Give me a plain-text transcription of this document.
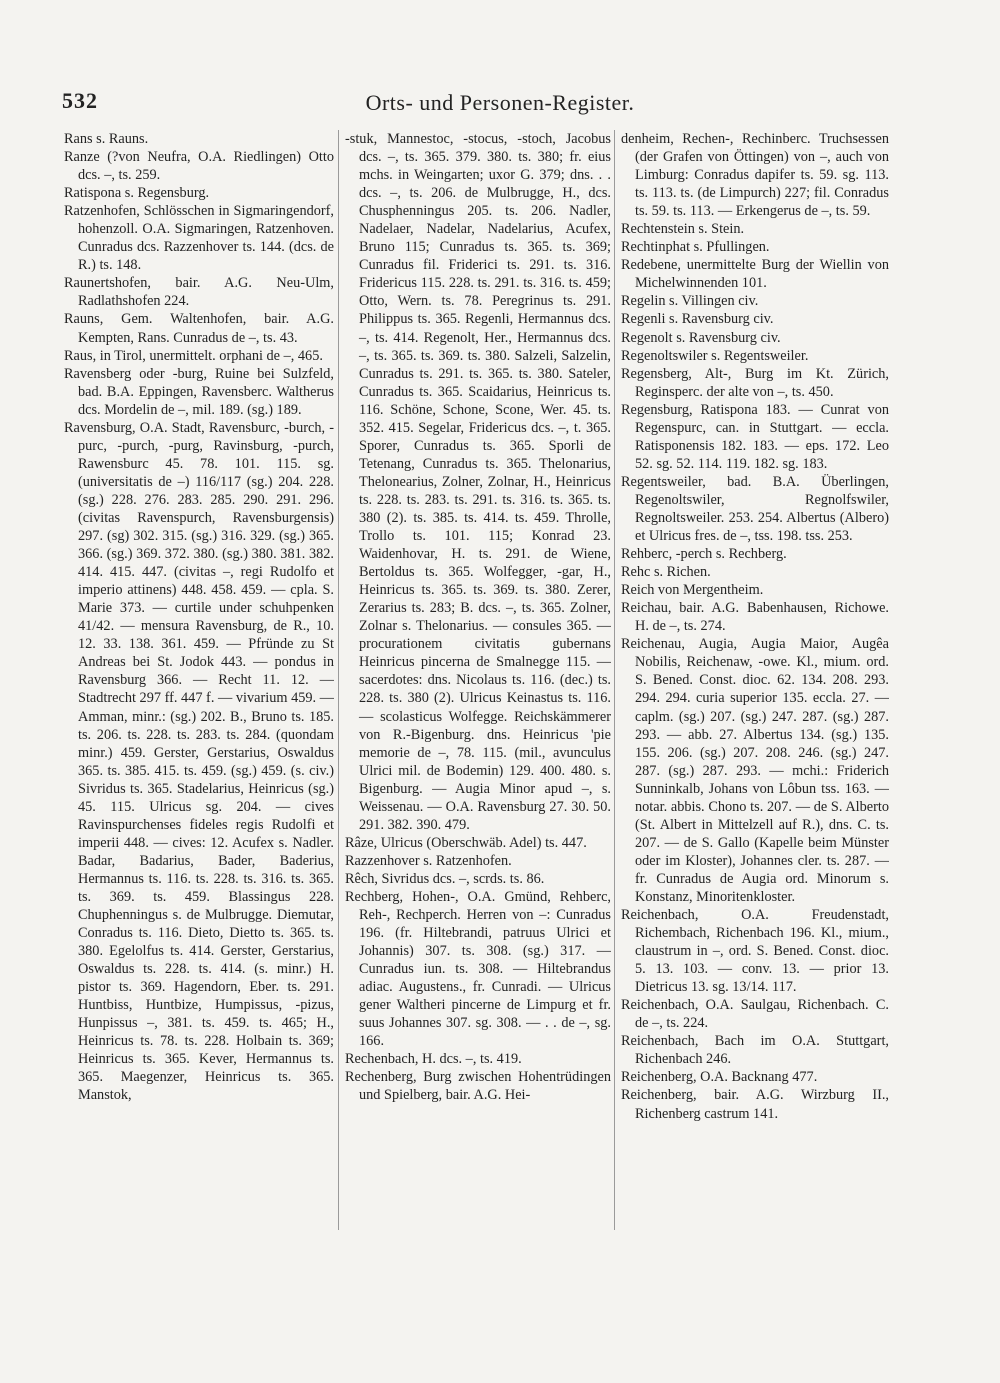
532	Orts- und Personen-Register.

Rans s. Rauns.

Ranze (?von Neufra, O.A. Riedlingen) Otto dcs. –, ts. 259.

Ratispona s. Regensburg.

Ratzenhofen, Schlösschen in Sigmaringendorf, hohenzoll. O.A. Sigmaringen, Ratzenhoven. Cunradus dcs. Razzenhover ts. 144. (dcs. de R.) ts. 148.

Raunertshofen, bair. A.G. Neu-Ulm, Radlathshofen 224.

Rauns, Gem. Waltenhofen, bair. A.G. Kempten, Rans. Cunradus de –, ts. 43.

Raus, in Tirol, unermittelt. orphani de –, 465.

Ravensberg oder -burg, Ruine bei Sulzfeld, bad. B.A. Eppingen, Ravensberc. Waltherus dcs. Mordelin de –, mil. 189. (sg.) 189.

Ravensburg, O.A. Stadt, Ravensburc, -burch, -purc, -purch, -purg, Ravinsburg, -purch, Rawensburc 45. 78. 101. 115. sg. (universitatis de –) 116/117 (sg.) 204. 228. (sg.) 228. 276. 283. 285. 290. 291. 296. (civitas Ravenspurch, Ravensburgensis) 297. (sg) 302. 315. (sg.) 316. 329. (sg.) 365. 366. (sg.) 369. 372. 380. (sg.) 380. 381. 382. 414. 415. 447. (civitas –, regi Rudolfo et imperio attinens) 448. 458. 459. — cpla. S. Marie 373. — curtile under schuhpenken 41/42. — mensura Ravensburg, de R., 10. 12. 33. 138. 361. 459. — Pfründe zu St Andreas bei St. Jodok 443. — pondus in Ravensburg 366. — Recht 11. 12. — Stadtrecht 297 ff. 447 f. — vivarium 459. — Amman, minr.: (sg.) 202. B., Bruno ts. 185. ts. 206. ts. 228. ts. 283. ts. 284. (quondam minr.) 459. Gerster, Gerstarius, Oswaldus 365. ts. 385. 415. ts. 459. (sg.) 459. (s. civ.) Sivridus ts. 365. Stadelarius, Heinricus (sg.) 45. 115. Ulricus sg. 204. — cives Ravinspurchenses fideles regis Rudolfi et imperii 448. — cives: 12. Acufex s. Nadler. Badar, Badarius, Bader, Baderius, Hermannus ts. 116. ts. 228. ts. 316. ts. 365. ts. 369. ts. 459. Blassingus 228. Chuphenningus s. de Mulbrugge. Diemutar, Conradus ts. 116. Dieto, Dietto ts. 365. ts. 380. Egelolfus ts. 414. Gerster, Gerstarius, Oswaldus ts. 228. ts. 414. (s. minr.) H. pistor ts. 369. Hagendorn, Eber. ts. 291. Huntbiss, Huntbize, Humpissus, -pizus, Hunpissus –, 381. ts. 459. ts. 465; H., Heinricus ts. 78. ts. 228. Holbain ts. 369; Heinricus ts. 365. Kever, Hermannus ts. 365. Maegenzer, Heinricus ts. 365. Manstok,

-stuk, Mannestoc, -stocus, -stoch, Jacobus dcs. –, ts. 365. 379. 380. ts. 380; fr. eius mchs. in Weingarten; uxor G. 379; dns. . . dcs. –, ts. 206. de Mulbrugge, H., dcs. Chusphenningus 205. ts. 206. Nadler, Nadelaer, Nadelar, Nadelarius, Acufex, Bruno 115; Cunradus ts. 365. ts. 369; Cunradus fil. Friderici ts. 291. ts. 316. Fridericus 115. 228. ts. 291. ts. 316. ts. 459; Otto, Wern. ts. 78. Peregrinus ts. 291. Philippus ts. 365. Regenli, Hermannus dcs. –, ts. 414. Regenolt, Her., Hermannus dcs. –, ts. 365. ts. 369. ts. 380. Salzeli, Salzelin, Cunradus ts. 291. ts. 365. ts. 380. Sateler, Cunradus ts. 365. Scaidarius, Heinricus ts. 116. Schöne, Schone, Scone, Wer. 45. ts. 352. 415. Segelar, Fridericus dcs. –, t. 365. Sporer, Cunradus ts. 365. Sporli de Tetenang, Cunradus ts. 365. Thelonarius, Thelonearius, Zolner, Zolnar, H., Heinricus ts. 228. ts. 283. ts. 291. ts. 316. ts. 365. ts. 380 (2). ts. 385. ts. 414. ts. 459. Throlle, Trollo ts. 101. 115; Konrad 23. Waidenhovar, H. ts. 291. de Wiene, Bertoldus ts. 365. Wolfegger, -gar, H., Heinricus ts. 365. ts. 369. ts. 380. Zerer, Zerarius ts. 283; B. dcs. –, ts. 365. Zolner, Zolnar s. Thelonarius. — consules 365. — procurationem civitatis gubernans Heinricus pincerna de Smalnegge 115. — sacerdotes: dns. Nicolaus ts. 116. (dec.) ts. 228. ts. 380 (2). Ulricus Keinastus ts. 116. — scolasticus Wolfegge. Reichskämmerer von R.-Bigenburg. dns. Heinricus 'pie memorie de –, 78. 115. (mil., avunculus Ulrici mil. de Bodemin) 129. 400. 480. s. Bigenburg. — Augia Minor apud –, s. Weissenau. — O.A. Ravensburg 27. 30. 50. 291. 382. 390. 479.

Râze, Ulricus (Oberschwäb. Adel) ts. 447.

Razzenhover s. Ratzenhofen.

Rêch, Sivridus dcs. –, scrds. ts. 86.

Rechberg, Hohen-, O.A. Gmünd, Rehberc, Reh-, Rechperch. Herren von –: Cunradus 196. (fr. Hiltebrandi, patruus Ulrici et Johannis) 307. ts. 308. (sg.) 317. — Cunradus iun. ts. 308. — Hiltebrandus adiac. Augustens., fr. Cunradi. — Ulricus gener Waltheri pincerne de Limpurg et fr. suus Johannes 307. sg. 308. — . . de –, sg. 166.

Rechenbach, H. dcs. –, ts. 419.

Rechenberg, Burg zwischen Hohentrüdingen und Spielberg, bair. A.G. Hei-

denheim, Rechen-, Rechinberc. Truchsessen (der Grafen von Öttingen) von –, auch von Limburg: Conradus dapifer ts. 59. sg. 113. ts. 113. ts. (de Limpurch) 227; fil. Conradus ts. 59. ts. 113. — Erkengerus de –, ts. 59.

Rechtenstein s. Stein.

Rechtinphat s. Pfullingen.

Redebene, unermittelte Burg der Wiellin von Michelwinnenden 101.

Regelin s. Villingen civ.

Regenli s. Ravensburg civ.

Regenolt s. Ravensburg civ.

Regenoltswiler s. Regentsweiler.

Regensberg, Alt-, Burg im Kt. Zürich, Reginsperc. der alte von –, ts. 450.

Regensburg, Ratispona 183. — Cunrat von Regenspurc, can. in Stuttgart. — eccla. Ratisponensis 182. 183. — eps. 172. Leo 52. sg. 52. 114. 119. 182. sg. 183.

Regentsweiler, bad. B.A. Überlingen, Regenoltswiler, Regnolfswiler, Regnoltsweiler. 253. 254. Albertus (Albero) et Ulricus fres. de –, tss. 198. tss. 253.

Rehberc, -perch s. Rechberg.

Rehc s. Richen.

Reich von Mergentheim.

Reichau, bair. A.G. Babenhausen, Richowe. H. de –, ts. 274.

Reichenau, Augia, Augia Maior, Augêa Nobilis, Reichenaw, -owe. Kl., mium. ord. S. Bened. Const. dioc. 62. 134. 208. 293. 294. 294. curia superior 135. eccla. 27. — caplm. (sg.) 207. (sg.) 247. 287. (sg.) 287. 293. — abb. 27. Albertus 134. (sg.) 135. 155. 206. (sg.) 207. 208. 246. (sg.) 247. 287. (sg.) 287. 293. — mchi.: Friderich Sunninkalb, Johans von Lôbun tss. 163. — notar. abbis. Chono ts. 207. — de S. Alberto (St. Albert in Mittelzell auf R.), dns. C. ts. 207. — de S. Gallo (Kapelle beim Münster oder im Kloster), Johannes cler. ts. 287. — fr. Cunradus de Augia ord. Minorum s. Konstanz, Minoritenkloster.

Reichenbach, O.A. Freudenstadt, Richembach, Richenbach 196. Kl., mium., claustrum in –, ord. S. Bened. Const. dioc. 5. 13. 103. — conv. 13. — prior 13. Dietricus 13. sg. 13/14. 117.

Reichenbach, O.A. Saulgau, Richenbach. C. de –, ts. 224.

Reichenbach, Bach im O.A. Stuttgart, Richenbach 246.

Reichenberg, O.A. Backnang 477.

Reichenberg, bair. A.G. Wirzburg II., Richenberg castrum 141.
